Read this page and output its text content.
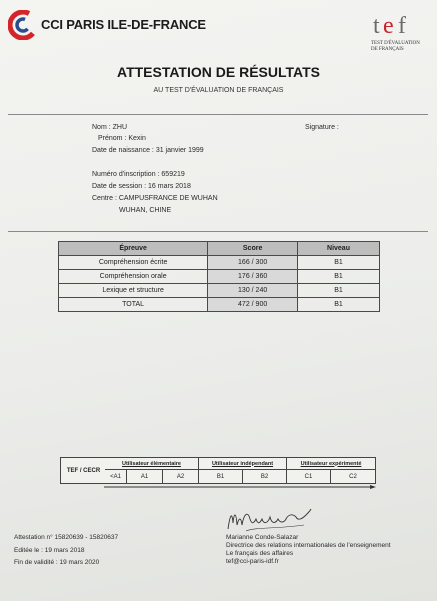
CCI PARIS ILE-DE-FRANCE	t e f
TEST D'ÉVALUATION
DE FRANÇAIS
ATTESTATION DE RÉSULTATS
AU TEST D'ÉVALUATION DE FRANÇAIS
Nom : ZHU	Signature :
Prénom : Kexin
Date de naissance : 31 janvier 1999
Numéro d'inscription : 659219
Date de session : 16 mars 2018
Centre : CAMPUSFRANCE DE WUHAN
WUHAN, CHINE
Épreuve	Score	Niveau
Compréhension écrite	166 / 300	B1
Compréhension orale	176 / 360	B1
Lexique et structure	130 / 240	B1
TOTAL	472 / 900	B1
TEF / CECR
Utilisateur élémentaire	Utilisateur indépendant	Utilisateur expérimenté
<A1	A1	A2	B1	B2	C1	C2
Attestation n° 15820639 - 15820637
Editée le : 19 mars 2018
Fin de validité : 19 mars 2020
Marianne Conde-Salazar
Directrice des relations internationales de l'enseignement
Le français des affaires
tef@cci-paris-idf.fr
